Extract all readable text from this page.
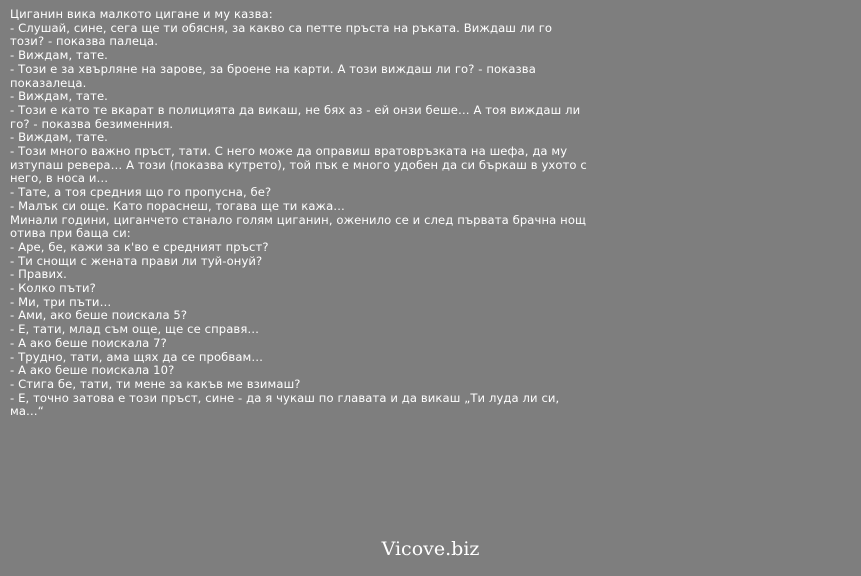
Циганин вика малкото цигане и му казва:
- Слушай, сине, сега ще ти обясня, за какво са петте пръста на ръката. Виждаш ли го този? - показва палеца.
- Виждам, тате.
- Този е за хвърляне на зарове, за броене на карти. А този виждаш ли го? - показва показалеца.
- Виждам, тате.
- Този е като те вкарат в полицията да викаш, не бях аз - ей онзи беше… А тоя виждаш ли го? - показва безименния.
- Виждам, тате.
- Този много важно пръст, тати. С него може да оправиш вратовръзката на шефа, да му изтупаш ревера… А този (показва кутрето), той пък е много удобен да си бъркаш в ухото с него, в носа и…
- Тате, а тоя средния що го пропусна, бе?
- Малък си още. Като пораснеш, тогава ще ти кажа…
Минали години, циганчето станало голям циганин, оженило се и след първата брачна нощ отива при баща си:
- Аре, бе, кажи за к'во е средният пръст?
- Ти снощи с жената прави ли туй-онуй?
- Правих.
- Колко пъти?
- Ми, три пъти…
- Ами, ако беше поискала 5?
- Е, тати, млад съм още, ще се справя…
- А ако беше поискала 7?
- Трудно, тати, ама щях да се пробвам…
- А ако беше поискала 10?
- Стига бе, тати, ти мене за какъв ме взимаш?
- Е, точно затова е този пръст, сине - да я чукаш по главата и да викаш „Ти луда ли си, ма…“
Vicove.biz
